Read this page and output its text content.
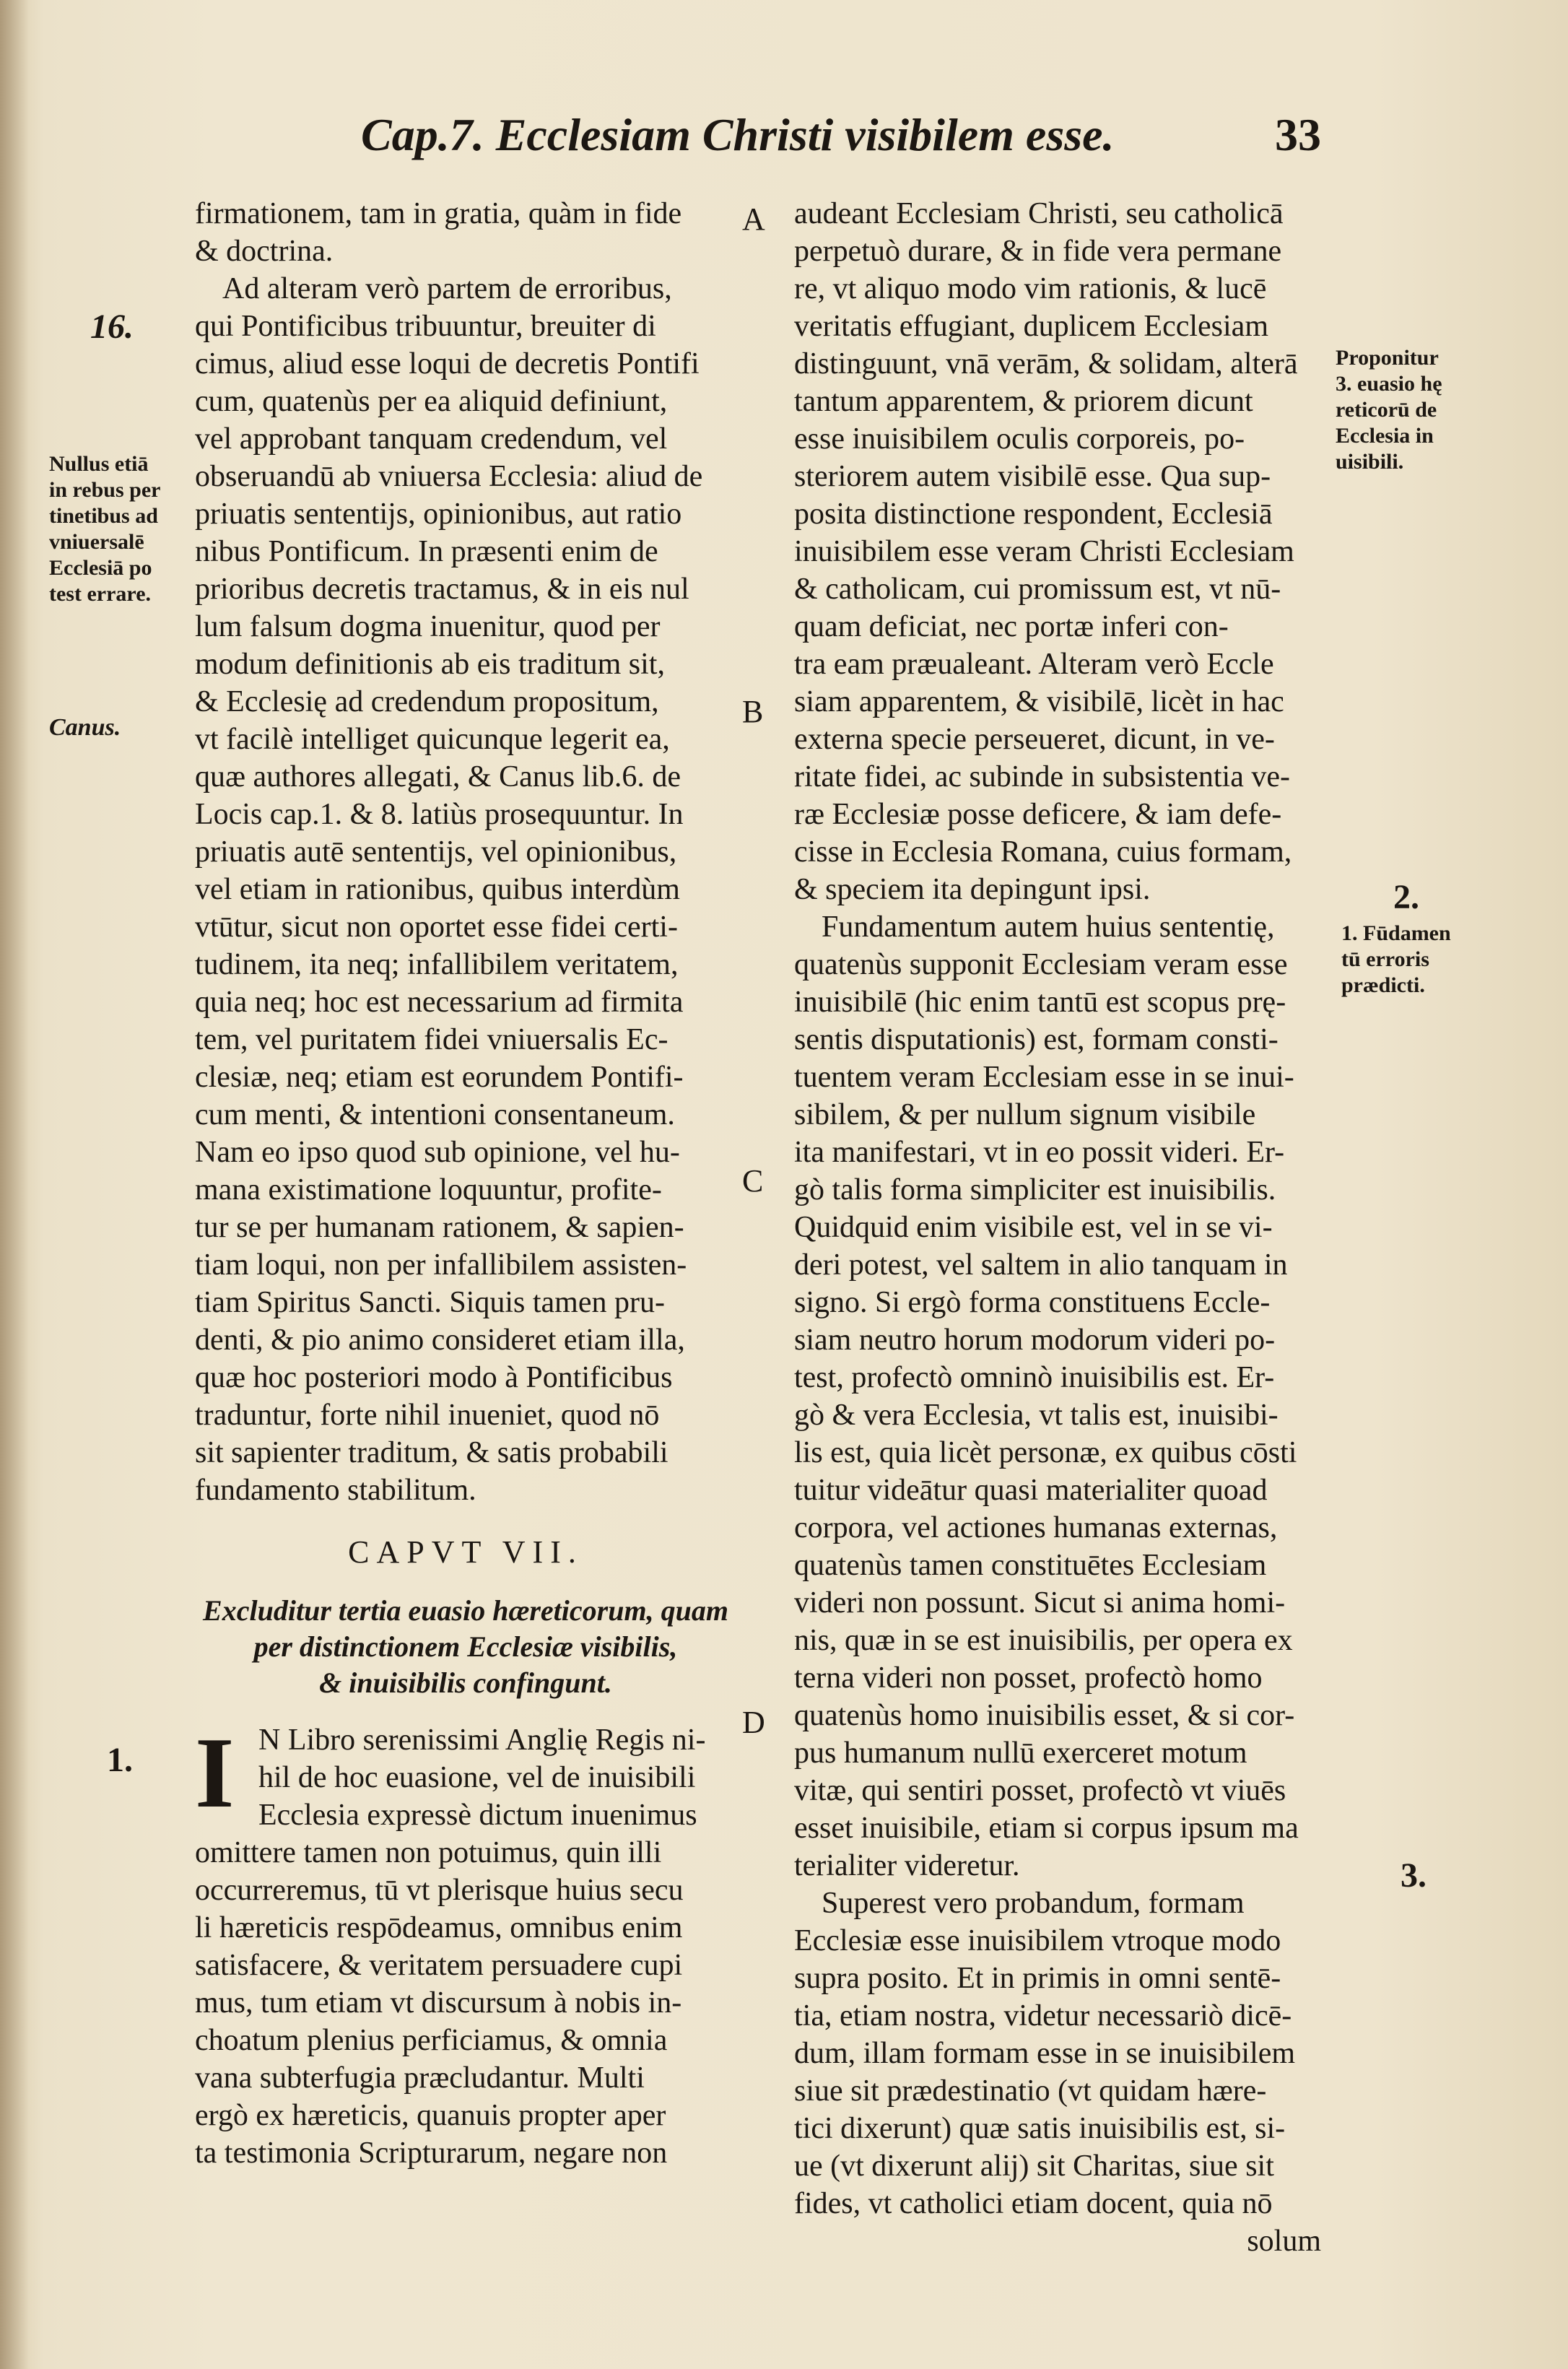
Cap.7. Ecclesiam Christi visibilem esse.	33
firmationem, tam in gratia, quàm in fide
& doctrina.
Ad alteram verò partem de erroribus,
qui Pontificibus tribuuntur, breuiter di
cimus, aliud esse loqui de decretis Pontifi
cum, quatenùs per ea aliquid definiunt,
vel approbant tanquam credendum, vel
obseruandū ab vniuersa Ecclesia: aliud de
priuatis sententijs, opinionibus, aut ratio
nibus Pontificum. In præsenti enim de
prioribus decretis tractamus, & in eis nul
lum falsum dogma inuenitur, quod per
modum definitionis ab eis traditum sit,
& Ecclesię ad credendum propositum,
vt facilè intelliget quicunque legerit ea,
quæ authores allegati, & Canus lib.6. de
Locis cap.1. & 8. latiùs prosequuntur. In
priuatis autē sententijs, vel opinionibus,
vel etiam in rationibus, quibus interdùm
vtūtur, sicut non oportet esse fidei certi-
tudinem, ita neq; infallibilem veritatem,
quia neq; hoc est necessarium ad firmita
tem, vel puritatem fidei vniuersalis Ec-
clesiæ, neq; etiam est eorundem Pontifi-
cum menti, & intentioni consentaneum.
Nam eo ipso quod sub opinione, vel hu-
mana existimatione loquuntur, profite-
tur se per humanam rationem, & sapien-
tiam loqui, non per infallibilem assisten-
tiam Spiritus Sancti. Siquis tamen pru-
denti, & pio animo consideret etiam illa,
quæ hoc posteriori modo à Pontificibus
traduntur, forte nihil inueniet, quod nō
sit sapienter traditum, & satis probabili
fundamento stabilitum.
CAPVT VII.
Excluditur tertia euasio hæreticorum, quam
per distinctionem Ecclesiæ visibilis,
& inuisibilis confingunt.
I N Libro serenissimi Anglię Regis ni-
hil de hoc euasione, vel de inuisibili
Ecclesia expressè dictum inuenimus
omittere tamen non potuimus, quin illi
occurreremus, tū vt plerisque huius secu
li hæreticis respōdeamus, omnibus enim
satisfacere, & veritatem persuadere cupi
mus, tum etiam vt discursum à nobis in-
choatum plenius perficiamus, & omnia
vana subterfugia præcludantur. Multi
ergò ex hæreticis, quanuis propter aper
ta testimonia Scripturarum, negare non
audeant Ecclesiam Christi, seu catholicā
perpetuò durare, & in fide vera permane
re, vt aliquo modo vim rationis, & lucē
veritatis effugiant, duplicem Ecclesiam
distinguunt, vnā verām, & solidam, alterā
tantum apparentem, & priorem dicunt
esse inuisibilem oculis corporeis, po-
steriorem autem visibilē esse. Qua sup-
posita distinctione respondent, Ecclesiā
inuisibilem esse veram Christi Ecclesiam
& catholicam, cui promissum est, vt nū-
quam deficiat, nec portæ inferi con-
tra eam præualeant. Alteram verò Eccle
siam apparentem, & visibilē, licèt in hac
externa specie perseueret, dicunt, in ve-
ritate fidei, ac subinde in subsistentia ve-
ræ Ecclesiæ posse deficere, & iam defe-
cisse in Ecclesia Romana, cuius formam,
& speciem ita depingunt ipsi.
Fundamentum autem huius sententię,
quatenùs supponit Ecclesiam veram esse
inuisibilē (hic enim tantū est scopus prę-
sentis disputationis) est, formam consti-
tuentem veram Ecclesiam esse in se inui-
sibilem, & per nullum signum visibile
ita manifestari, vt in eo possit videri. Er-
gò talis forma simpliciter est inuisibilis.
Quidquid enim visibile est, vel in se vi-
deri potest, vel saltem in alio tanquam in
signo. Si ergò forma constituens Eccle-
siam neutro horum modorum videri po-
test, profectò omninò inuisibilis est. Er-
gò & vera Ecclesia, vt talis est, inuisibi-
lis est, quia licèt personæ, ex quibus cōsti
tuitur videātur quasi materialiter quoad
corpora, vel actiones humanas externas,
quatenùs tamen constituētes Ecclesiam
videri non possunt. Sicut si anima homi-
nis, quæ in se est inuisibilis, per opera ex
terna videri non posset, profectò homo
quatenùs homo inuisibilis esset, & si cor-
pus humanum nullū exerceret motum
vitæ, qui sentiri posset, profectò vt viuēs
esset inuisibile, etiam si corpus ipsum ma
terialiter videretur.
Superest vero probandum, formam
Ecclesiæ esse inuisibilem vtroque modo
supra posito. Et in primis in omni sentē-
tia, etiam nostra, videtur necessariò dicē-
dum, illam formam esse in se inuisibilem
siue sit prædestinatio (vt quidam hære-
tici dixerunt) quæ satis inuisibilis est, si-
ue (vt dixerunt alij) sit Charitas, siue sit
fides, vt catholici etiam docent, quia nō
solum
A
B
C
D
16.
Nullus etiā
in rebus per
tinetibus ad
vniuersalē
Ecclesiā po
test errare.
Canus.
1.
Proponitur
3. euasio hę
reticorū de
Ecclesia in
uisibili.
2.
1. Fūdamen
tū erroris
prædicti.
3.
